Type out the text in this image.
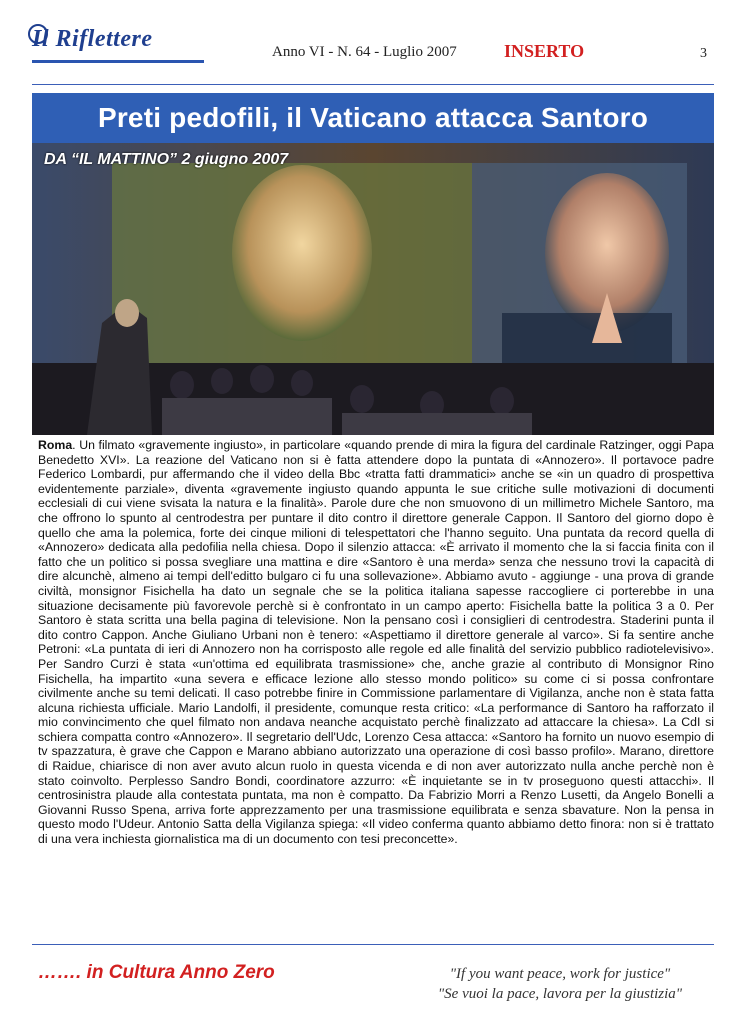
Il Riflettere	Anno VI - N. 64 - Luglio 2007	INSERTO	3
Preti pedofili, il Vaticano attacca Santoro
DA “IL MATTINO” 2 giugno 2007
Roma. Un filmato «gravemente ingiusto», in particolare «quando prende di mira la figura del cardinale Ratzinger, oggi Papa Benedetto XVI». La reazione del Vaticano non si è fatta attendere dopo la puntata di «Annozero». Il portavoce padre Federico Lombardi, pur affermando che il video della Bbc «tratta fatti drammatici» anche se «in un quadro di prospettiva evidentemente parziale», diventa «gravemente ingiusto quando appunta le sue critiche sulle motivazioni di documenti ecclesiali di cui viene svisata la natura e la finalità». Parole dure che non smuovono di un millimetro Michele Santoro, ma che offrono lo spunto al centrodestra per puntare il dito contro il direttore generale Cappon. Il Santoro del giorno dopo è quello che ama la polemica, forte dei cinque milioni di telespettatori che l'hanno seguito. Una puntata da record quella di «Annozero» dedicata alla pedofilia nella chiesa. Dopo il silenzio attacca: «È arrivato il momento che la si faccia finita con il fatto che un politico si possa svegliare una mattina e dire «Santoro è una merda» senza che nessuno trovi la capacità di dire alcunchè, almeno ai tempi dell'editto bulgaro ci fu una sollevazione». Abbiamo avuto - aggiunge - una prova di grande civiltà, monsignor Fisichella ha dato un segnale che se la politica italiana sapesse raccogliere ci porterebbe in una situazione decisamente più favorevole perchè si è confrontato in un campo aperto: Fisichella batte la politica 3 a 0. Per Santoro è stata scritta una bella pagina di televisione. Non la pensano così i consiglieri di centrodestra. Staderini punta il dito contro Cappon. Anche Giuliano Urbani non è tenero: «Aspettiamo il direttore generale al varco». Si fa sentire anche Petroni: «La puntata di ieri di Annozero non ha corrisposto alle regole ed alle finalità del servizio pubblico radiotelevisivo». Per Sandro Curzi è stata «un'ottima ed equilibrata trasmissione» che, anche grazie al contributo di Monsignor Rino Fisichella, ha impartito «una severa e efficace lezione allo stesso mondo politico» su come ci si possa confrontare civilmente anche su temi delicati. Il caso potrebbe finire in Commissione parlamentare di Vigilanza, anche non è stata fatta alcuna richiesta ufficiale. Mario Landolfi, il presidente, comunque resta critico: «La performance di Santoro ha rafforzato il mio convincimento che quel filmato non andava neanche acquistato perchè finalizzato ad attaccare la chiesa». La CdI si schiera compatta contro «Annozero». Il segretario dell'Udc, Lorenzo Cesa attacca: «Santoro ha fornito un nuovo esempio di tv spazzatura, è grave che Cappon e Marano abbiano autorizzato una operazione di così basso profilo». Marano, direttore di Raidue, chiarisce di non aver avuto alcun ruolo in questa vicenda e di non aver autorizzato nulla anche perchè non è stato coinvolto. Perplesso Sandro Bondi, coordinatore azzurro: «È inquietante se in tv proseguono questi attacchi». Il centrosinistra plaude alla contestata puntata, ma non è compatto. Da Fabrizio Morri a Renzo Lusetti, da Angelo Bonelli a Giovanni Russo Spena, arriva forte apprezzamento per una trasmissione equilibrata e senza sbavature. Non la pensa in questo modo l'Udeur. Antonio Satta della Vigilanza spiega: «Il video conferma quanto abbiamo detto finora: non si è trattato di una vera inchiesta giornalistica ma di un documento con tesi preconcette».
……. in Cultura Anno Zero	"If you want peace, work for justice"
"Se vuoi la pace, lavora per la giustizia"
